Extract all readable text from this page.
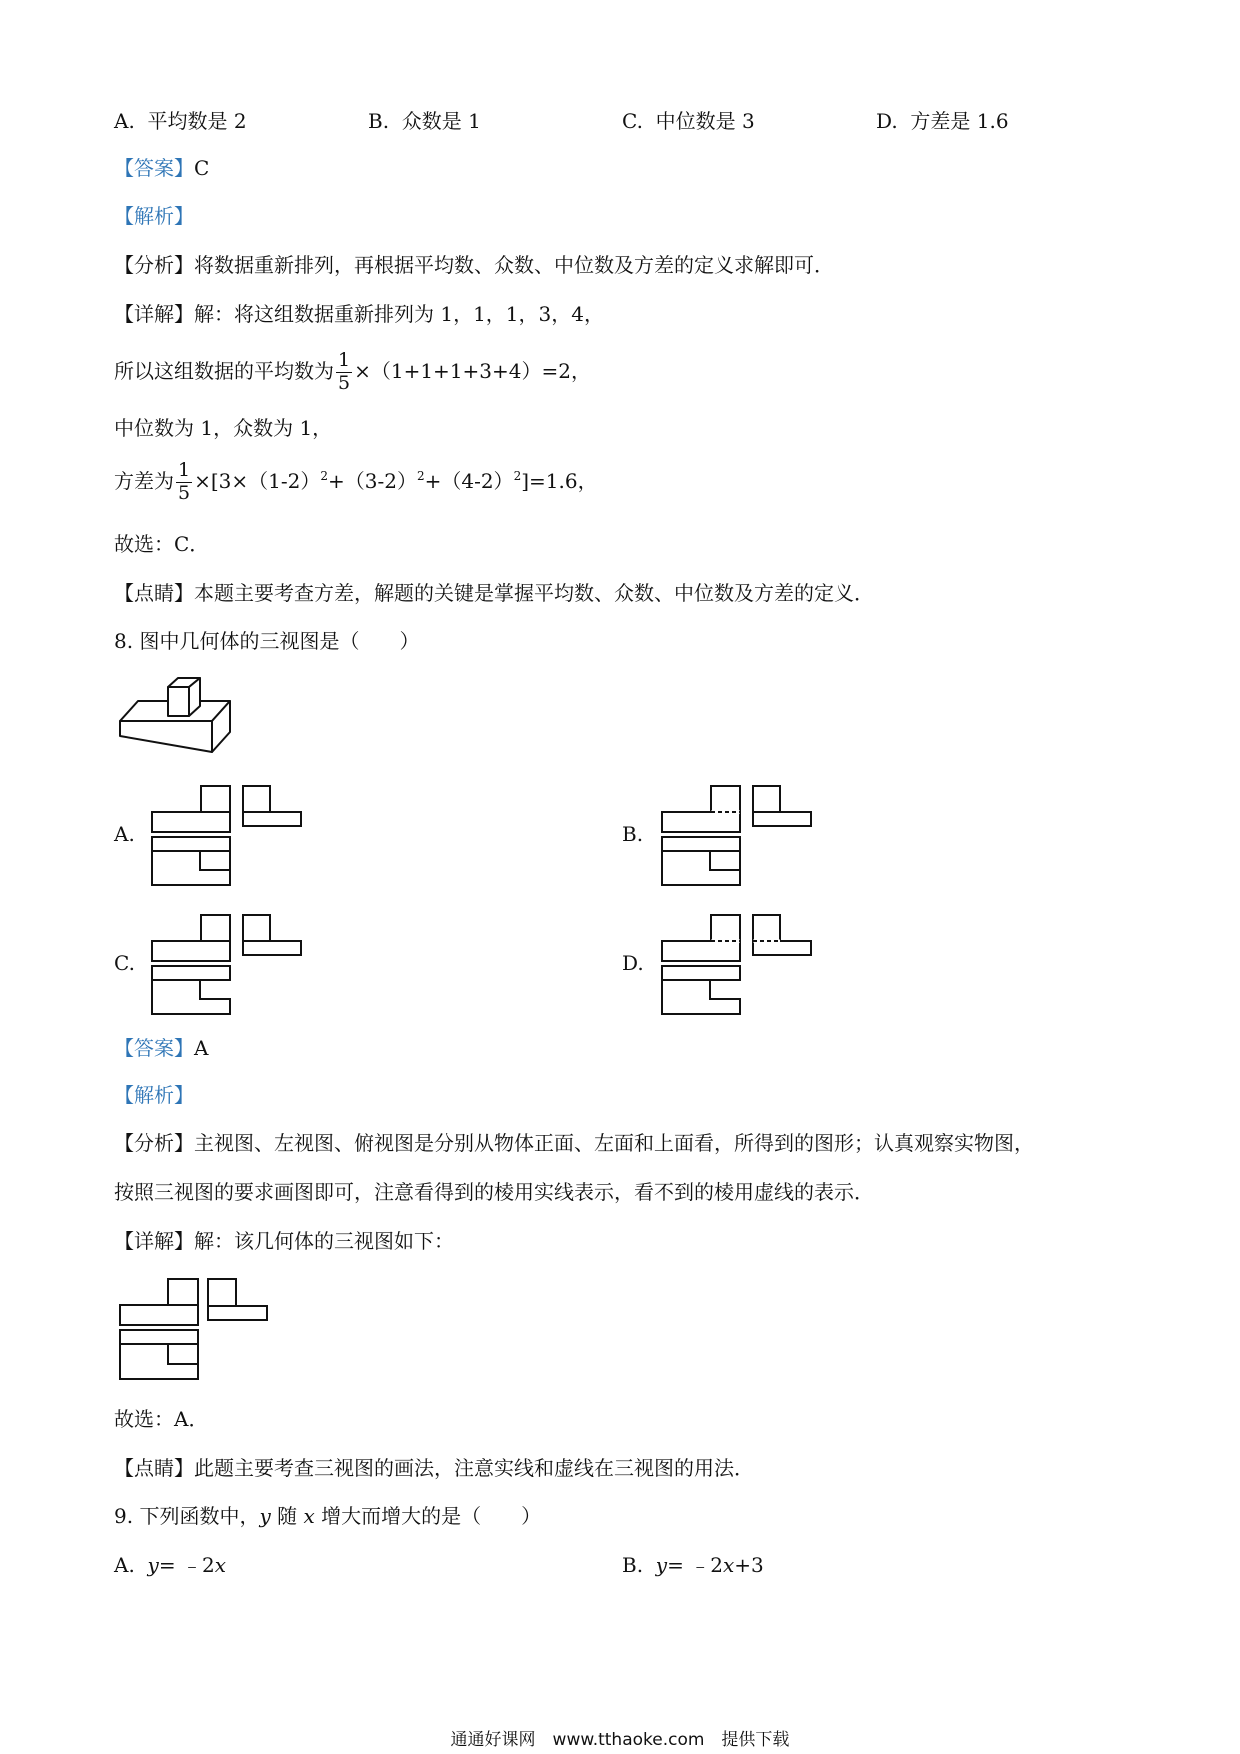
A. 平均数是 2	B. 众数是 1	C. 中位数是 3	D. 方差是 1.6
【答案】C
【解析】
【分析】将数据重新排列，再根据平均数、众数、中位数及方差的定义求解即可．
【详解】解：将这组数据重新排列为 1，1，1，3，4，
所以这组数据的平均数为 $\frac{1}{5} \times(1+1+1+3+4)=2$，
中位数为 1，众数为 1，
方差为 $\frac{1}{5} \times[3\times(1-2)^2+(3-2)^2+(4-2)^2]=1.6$，
故选：C．
【点睛】本题主要考查方差，解题的关键是掌握平均数、众数、中位数及方差的定义．
8. 图中几何体的三视图是（　　）
A.	B.
C.	D.
【答案】A
【解析】
【分析】主视图、左视图、俯视图是分别从物体正面、左面和上面看，所得到的图形；认真观察实物图，
按照三视图的要求画图即可，注意看得到的棱用实线表示，看不到的棱用虚线的表示．
【详解】解：该几何体的三视图如下：
故选：A．
【点睛】此题主要考查三视图的画法，注意实线和虚线在三视图的用法．
9. 下列函数中，y 随 x 增大而增大的是（　　）
A. y= ﹣2x	B. y= ﹣2x+3
通通好课网　www.tthaoke.com　提供下载
